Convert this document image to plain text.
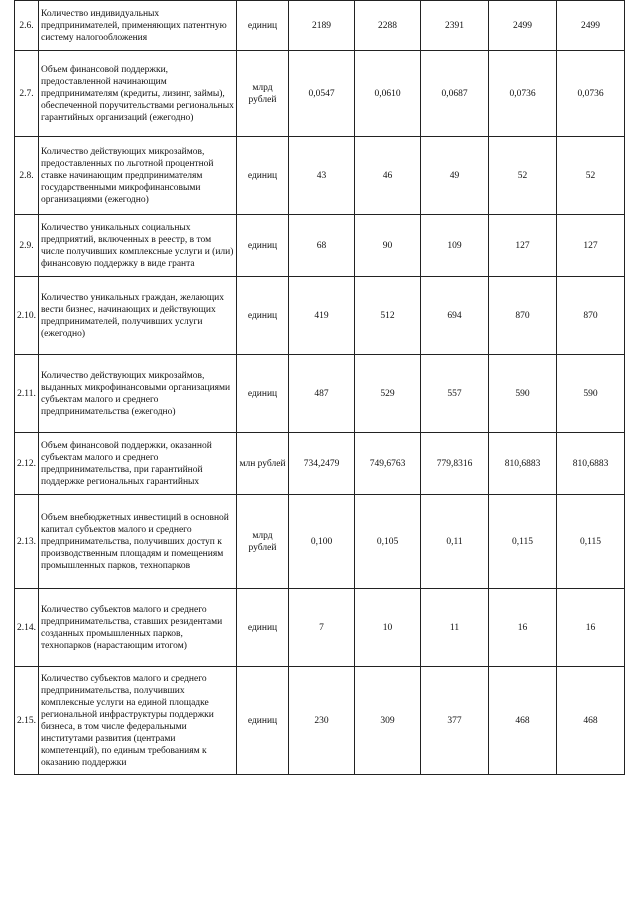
2.6.	Количество индивидуальных предпринимателей, применяющих патентную систему налогообложения	единиц	2189	2288	2391	2499	2499
2.7.	Объем финансовой поддержки, предоставленной начинающим предпринимателям (кредиты, лизинг, займы), обеспеченной поручительствами региональных гарантийных организаций (ежегодно)	млрд рублей	0,0547	0,0610	0,0687	0,0736	0,0736
2.8.	Количество действующих микрозаймов, предоставленных по льготной процентной ставке начинающим предпринимателям государственными микрофинансовыми организациями (ежегодно)	единиц	43	46	49	52	52
2.9.	Количество уникальных социальных предприятий, включенных в реестр, в том числе получивших комплексные услуги и (или) финансовую поддержку в виде гранта	единиц	68	90	109	127	127
2.10.	Количество уникальных граждан, желающих вести бизнес, начинающих и действующих предпринимателей, получивших услуги (ежегодно)	единиц	419	512	694	870	870
2.11.	Количество действующих микрозаймов, выданных микрофинансовыми организациями субъектам малого и среднего предпринимательства (ежегодно)	единиц	487	529	557	590	590
2.12.	Объем финансовой поддержки, оказанной субъектам малого и среднего предпринимательства, при гарантийной поддержке региональных гарантийных	млн рублей	734,2479	749,6763	779,8316	810,6883	810,6883
2.13.	Объем внебюджетных инвестиций в основной капитал субъектов малого и среднего предпринимательства, получивших доступ к производственным площадям и помещениям промышленных парков, технопарков	млрд рублей	0,100	0,105	0,11	0,115	0,115
2.14.	Количество субъектов малого и среднего предпринимательства, ставших резидентами созданных промышленных парков, технопарков (нарастающим итогом)	единиц	7	10	11	16	16
2.15.	Количество субъектов малого и среднего предпринимательства, получивших комплексные услуги на единой площадке региональной инфраструктуры поддержки бизнеса, в том числе федеральными институтами развития (центрами компетенций), по единым требованиям к оказанию поддержки	единиц	230	309	377	468	468
